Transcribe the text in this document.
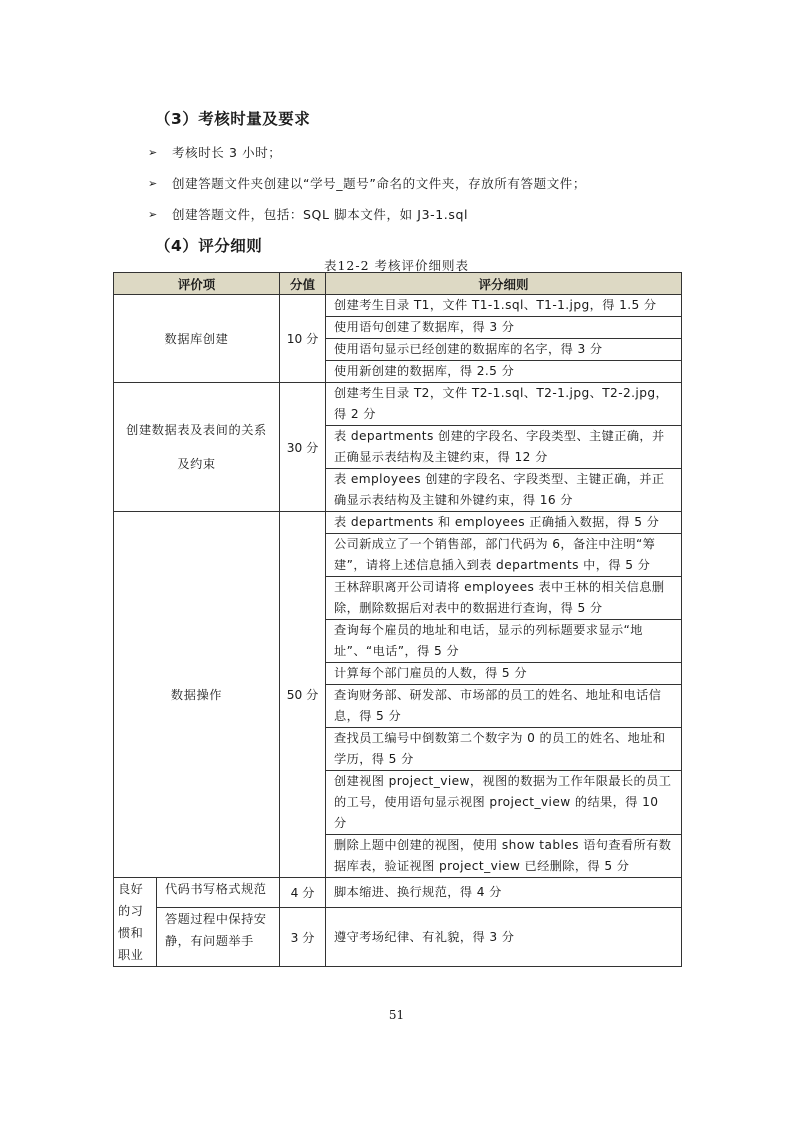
（3）考核时量及要求
➢	考核时长 3 小时；
➢	创建答题文件夹创建以“学号_题号”命名的文件夹，存放所有答题文件；
➢	创建答题文件，包括：SQL 脚本文件，如 J3-1.sql
（4）评分细则
表12-2 考核评价细则表
评价项		分值	评分细则
数据库创建		10 分	创建考生目录 T1，文件 T1-1.sql、T1-1.jpg，得 1.5 分
			使用语句创建了数据库，得 3 分
			使用语句显示已经创建的数据库的名字，得 3 分
			使用新创建的数据库，得 2.5 分
创建数据表及表间的关系及约束		30 分	创建考生目录 T2，文件 T2-1.sql、T2-1.jpg、T2-2.jpg，得 2 分
			表 departments 创建的字段名、字段类型、主键正确，并正确显示表结构及主键约束，得 12 分
			表 employees 创建的字段名、字段类型、主键正确，并正确显示表结构及主键和外键约束，得 16 分
数据操作		50 分	表 departments 和 employees 正确插入数据，得 5 分
			公司新成立了一个销售部，部门代码为 6，备注中注明“筹建”，请将上述信息插入到表 departments 中，得 5 分
			王林辞职离开公司请将 employees 表中王林的相关信息删除，删除数据后对表中的数据进行查询，得 5 分
			查询每个雇员的地址和电话，显示的列标题要求显示“地址”、“电话”，得 5 分
			计算每个部门雇员的人数，得 5 分
			查询财务部、研发部、市场部的员工的姓名、地址和电话信息，得 5 分
			查找员工编号中倒数第二个数字为 0 的员工的姓名、地址和学历，得 5 分
			创建视图 project_view，视图的数据为工作年限最长的员工的工号，使用语句显示视图 project_view 的结果，得 10 分
			删除上题中创建的视图，使用 show tables 语句查看所有数据库表，验证视图 project_view 已经删除，得 5 分
良好的习惯和职业	代码书写格式规范	4 分	脚本缩进、换行规范，得 4 分
	答题过程中保持安静，有问题举手	3 分	遵守考场纪律、有礼貌，得 3 分
51
